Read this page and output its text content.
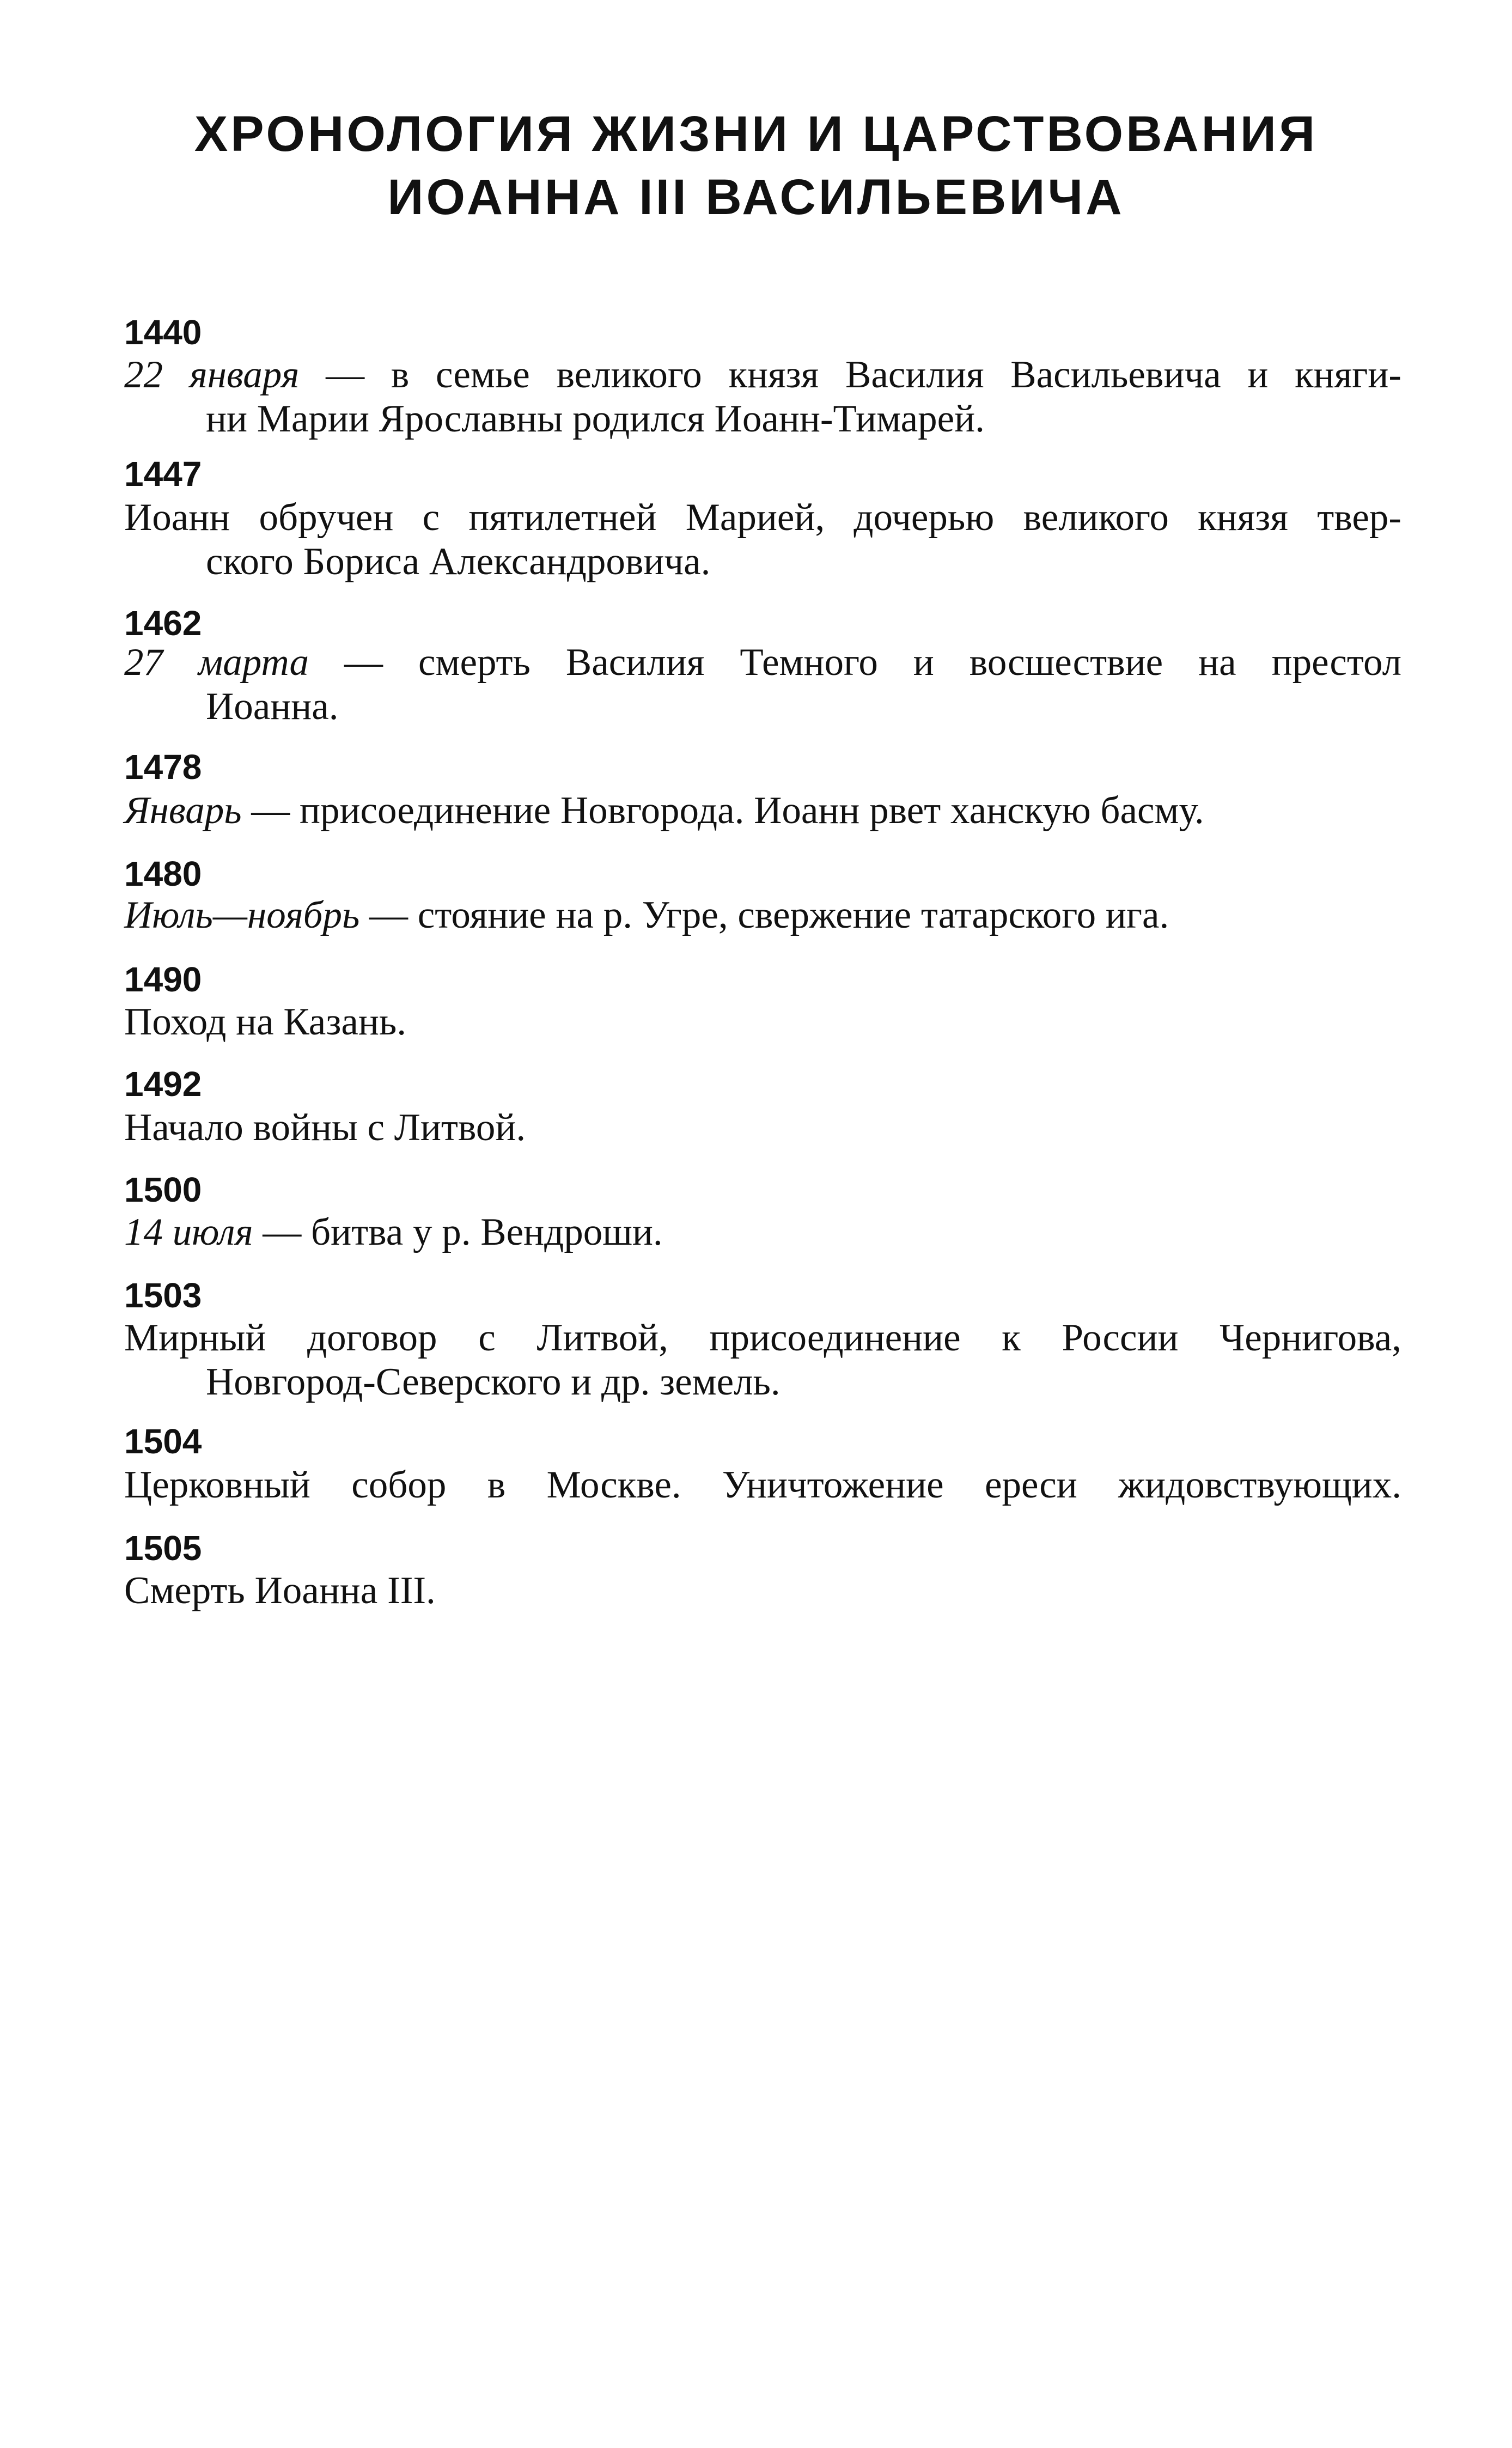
ХРОНОЛОГИЯ ЖИЗНИ И ЦАРСТВОВАНИЯ
ИОАННА III ВАСИЛЬЕВИЧА
1440
22 января — в семье великого князя Василия Васильевича и княги-
ни Марии Ярославны родился Иоанн-Тимарей.
1447
Иоанн обручен с пятилетней Марией, дочерью великого князя твер-
ского Бориса Александровича.
1462
27 марта — смерть Василия Темного и восшествие на престол
Иоанна.
1478
Январь — присоединение Новгорода. Иоанн рвет ханскую басму.
1480
Июль—ноябрь — стояние на р. Угре, свержение татарского ига.
1490
Поход на Казань.
1492
Начало войны с Литвой.
1500
14 июля — битва у р. Вендроши.
1503
Мирный договор с Литвой, присоединение к России Чернигова,
Новгород-Северского и др. земель.
1504
Церковный собор в Москве. Уничтожение ереси жидовствующих.
1505
Смерть Иоанна III.
